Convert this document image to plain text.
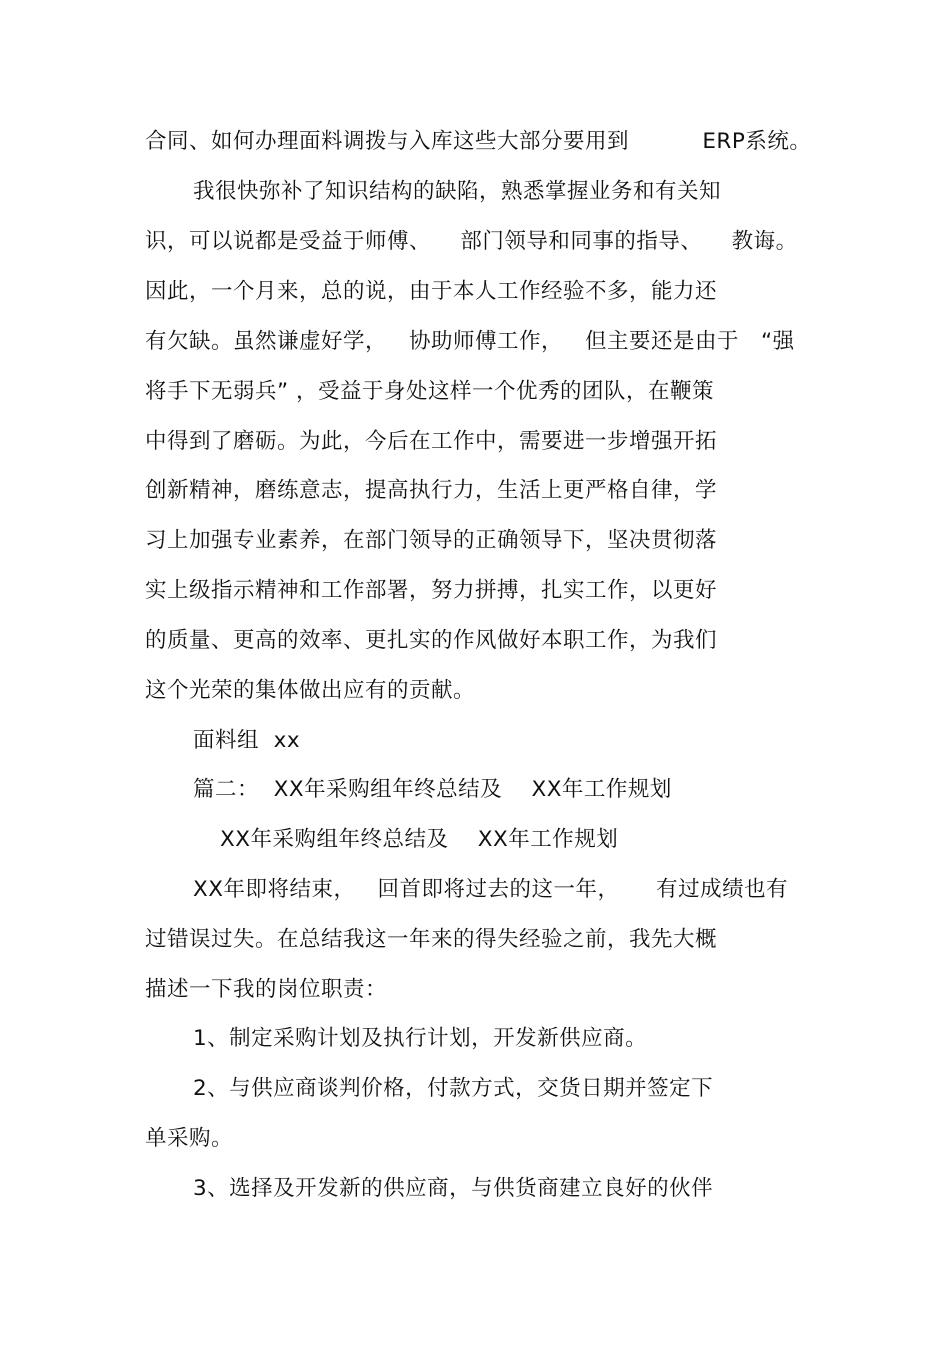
合同、如何办理面料调拨与入库这些大部分要用到          ERP系统。
我很快弥补了知识结构的缺陷，熟悉掌握业务和有关知
识，可以说都是受益于师傅、    部门领导和同事的指导、    教诲。
因此，一个月来，总的说，由于本人工作经验不多，能力还
有欠缺。虽然谦虚好学，   协助师傅工作，   但主要还是由于   “强
将手下无弱兵” ，受益于身处这样一个优秀的团队，在鞭策
中得到了磨砺。为此，今后在工作中，需要进一步增强开拓
创新精神，磨练意志，提高执行力，生活上更严格自律，学
习上加强专业素养，在部门领导的正确领导下，坚决贯彻落
实上级指示精神和工作部署，努力拼搏，扎实工作，以更好
的质量、更高的效率、更扎实的作风做好本职工作，为我们
这个光荣的集体做出应有的贡献。
面料组  xx
篇二：  XX年采购组年终总结及    XX年工作规划
XX年采购组年终总结及    XX年工作规划
XX年即将结束，   回首即将过去的这一年，     有过成绩也有
过错误过失。在总结我这一年来的得失经验之前，我先大概
描述一下我的岗位职责：
1、制定采购计划及执行计划，开发新供应商。
2、与供应商谈判价格，付款方式，交货日期并签定下
单采购。
3、选择及开发新的供应商，与供货商建立良好的伙伴
